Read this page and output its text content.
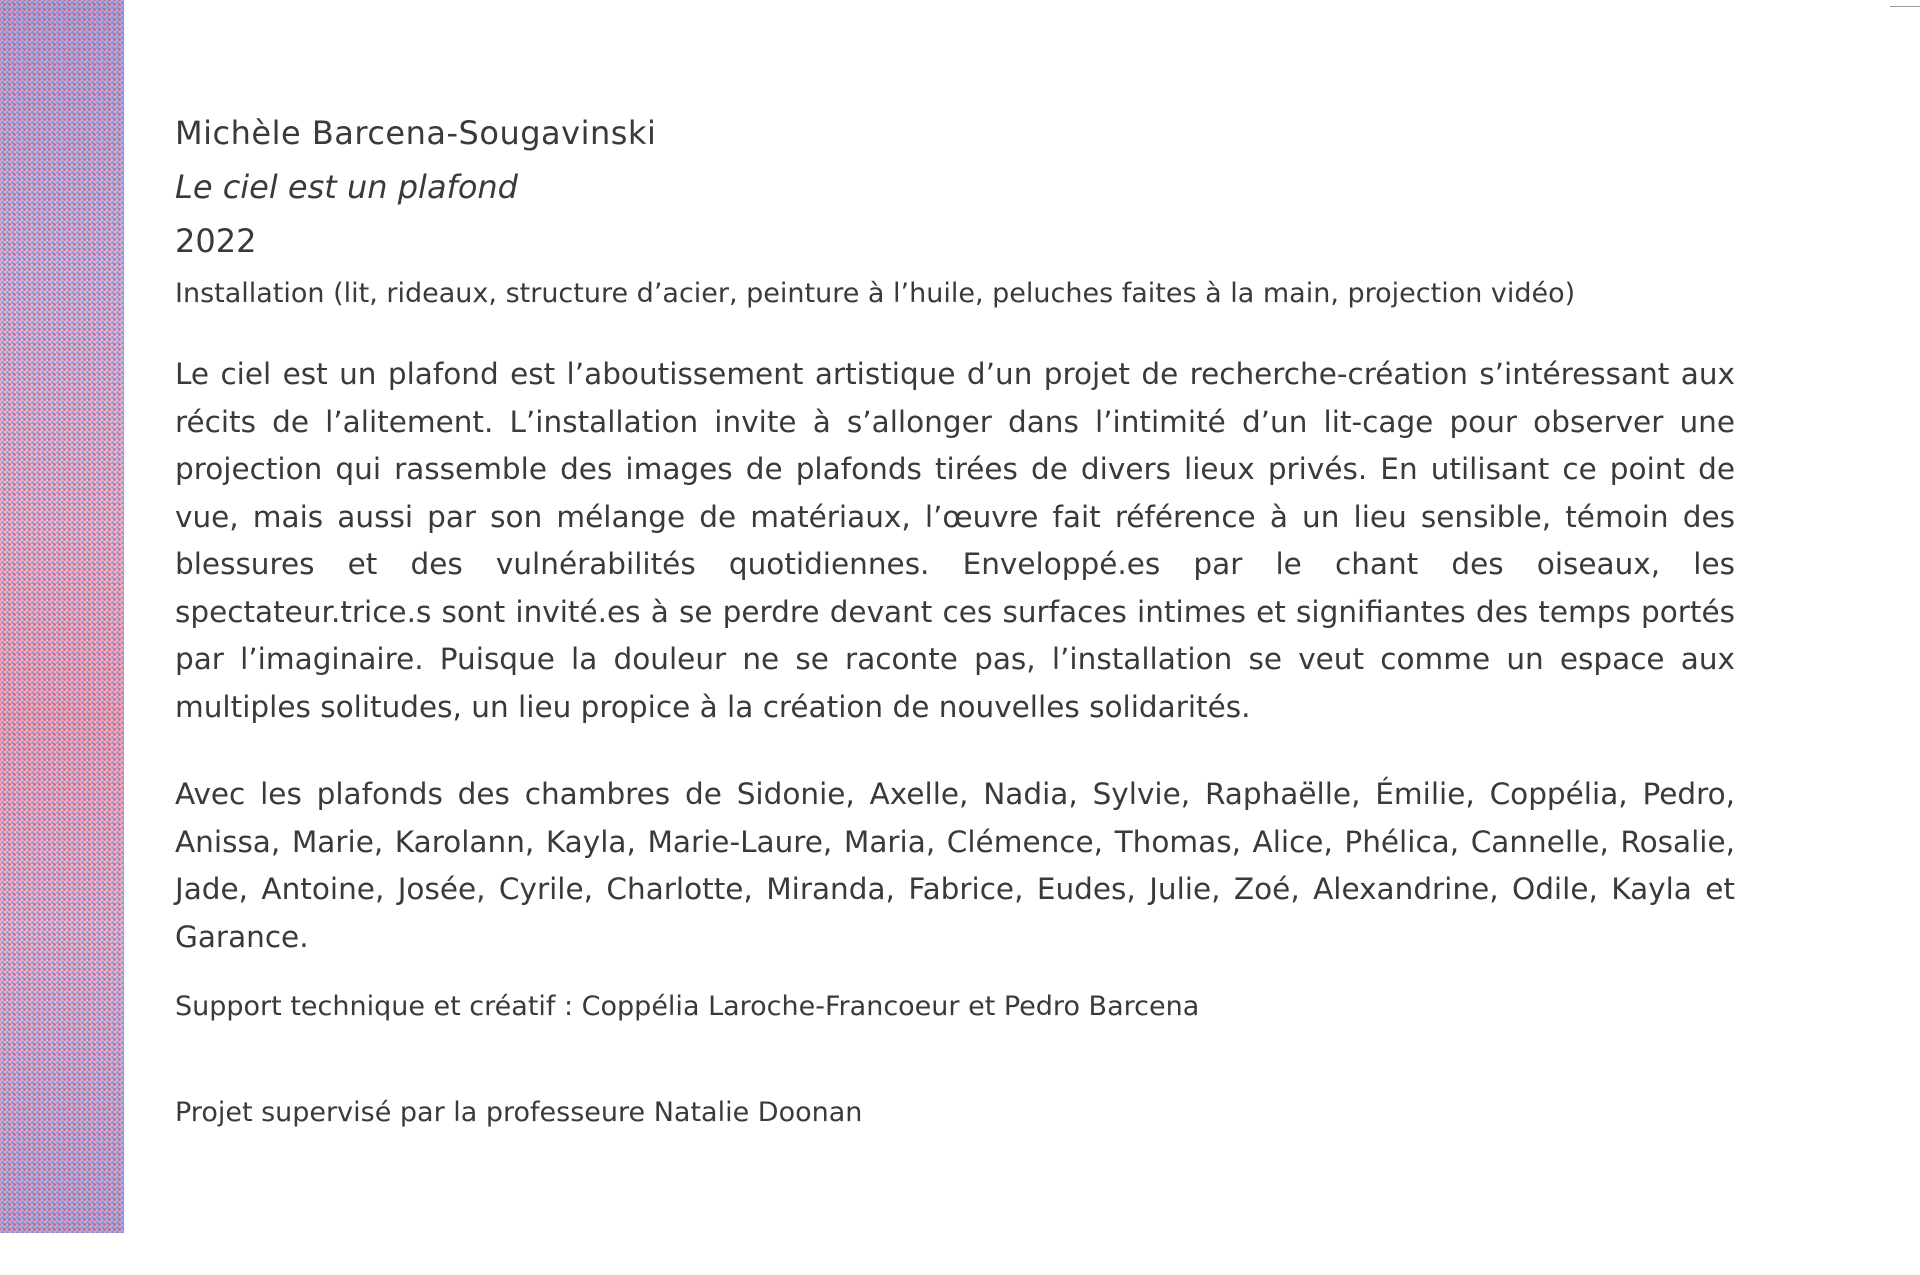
Michèle Barcena-Sougavinski
Le ciel est un plafond
2022

Installation (lit, rideaux, structure d’acier, peinture à l’huile, peluches faites à la main, projection vidéo)

Le ciel est un plafond est l’aboutissement artistique d’un projet de recherche-création s’intéressant aux récits de l’alitement. L’installation invite à s’allonger dans l’intimité d’un lit-cage pour observer une projection qui rassemble des images de plafonds tirées de divers lieux privés. En utilisant ce point de vue, mais aussi par son mélange de matériaux, l’œuvre fait référence à un lieu sensible, témoin des blessures et des vulnérabilités quotidiennes. Enveloppé.es par le chant des oiseaux, les spectateur.trice.s sont invité.es à se perdre devant ces surfaces intimes et signifiantes des temps portés par l’imaginaire. Puisque la douleur ne se raconte pas, l’installation se veut comme un espace aux multiples solitudes, un lieu propice à la création de nouvelles solidarités.

Avec les plafonds des chambres de Sidonie, Axelle, Nadia, Sylvie, Raphaëlle, Émilie, Coppélia, Pedro, Anissa, Marie, Karolann, Kayla, Marie-Laure, Maria, Clémence, Thomas, Alice, Phélica, Cannelle, Rosalie, Jade, Antoine, Josée, Cyrile, Charlotte, Miranda, Fabrice, Eudes, Julie, Zoé, Alexandrine, Odile, Kayla et Garance.

Support technique et créatif : Coppélia Laroche-Francoeur et Pedro Barcena

Projet supervisé par la professeure Natalie Doonan
